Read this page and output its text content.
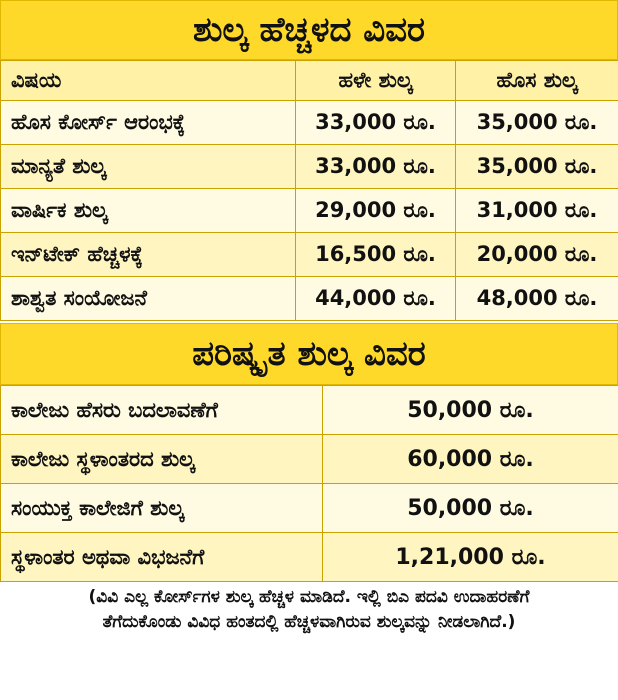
ಶುಲ್ಕ ಹೆಚ್ಚಳದ ವಿವರ
ವಿಷಯ	ಹಳೇ ಶುಲ್ಕ	ಹೊಸ ಶುಲ್ಕ
ಹೊಸ ಕೋರ್ಸ್ ಆರಂಭಕ್ಕೆ	33,000 ರೂ.	35,000 ರೂ.
ಮಾನ್ಯತೆ ಶುಲ್ಕ	33,000 ರೂ.	35,000 ರೂ.
ವಾರ್ಷಿಕ ಶುಲ್ಕ	29,000 ರೂ.	31,000 ರೂ.
ಇನ್‌ಟೇಕ್ ಹೆಚ್ಚಳಕ್ಕೆ	16,500 ರೂ.	20,000 ರೂ.
ಶಾಶ್ವತ ಸಂಯೋಜನೆ	44,000 ರೂ.	48,000 ರೂ.
ಪರಿಷ್ಕೃತ ಶುಲ್ಕ ವಿವರ
ಕಾಲೇಜು ಹೆಸರು ಬದಲಾವಣೆಗೆ	50,000 ರೂ.
ಕಾಲೇಜು ಸ್ಥಳಾಂತರದ ಶುಲ್ಕ	60,000 ರೂ.
ಸಂಯುಕ್ತ ಕಾಲೇಜಿಗೆ ಶುಲ್ಕ	50,000 ರೂ.
ಸ್ಥಳಾಂತರ ಅಥವಾ ವಿಭಜನೆಗೆ	1,21,000 ರೂ.
(ವಿವಿ ಎಲ್ಲ ಕೋರ್ಸ್‌ಗಳ ಶುಲ್ಕ ಹೆಚ್ಚಳ ಮಾಡಿದೆ. ಇಲ್ಲಿ ಬಿಎ ಪದವಿ ಉದಾಹರಣೆಗೆ
ತೆಗೆದುಕೊಂಡು ವಿವಿಧ ಹಂತದಲ್ಲಿ ಹೆಚ್ಚಳವಾಗಿರುವ ಶುಲ್ಕವನ್ನು ನೀಡಲಾಗಿದೆ.)
